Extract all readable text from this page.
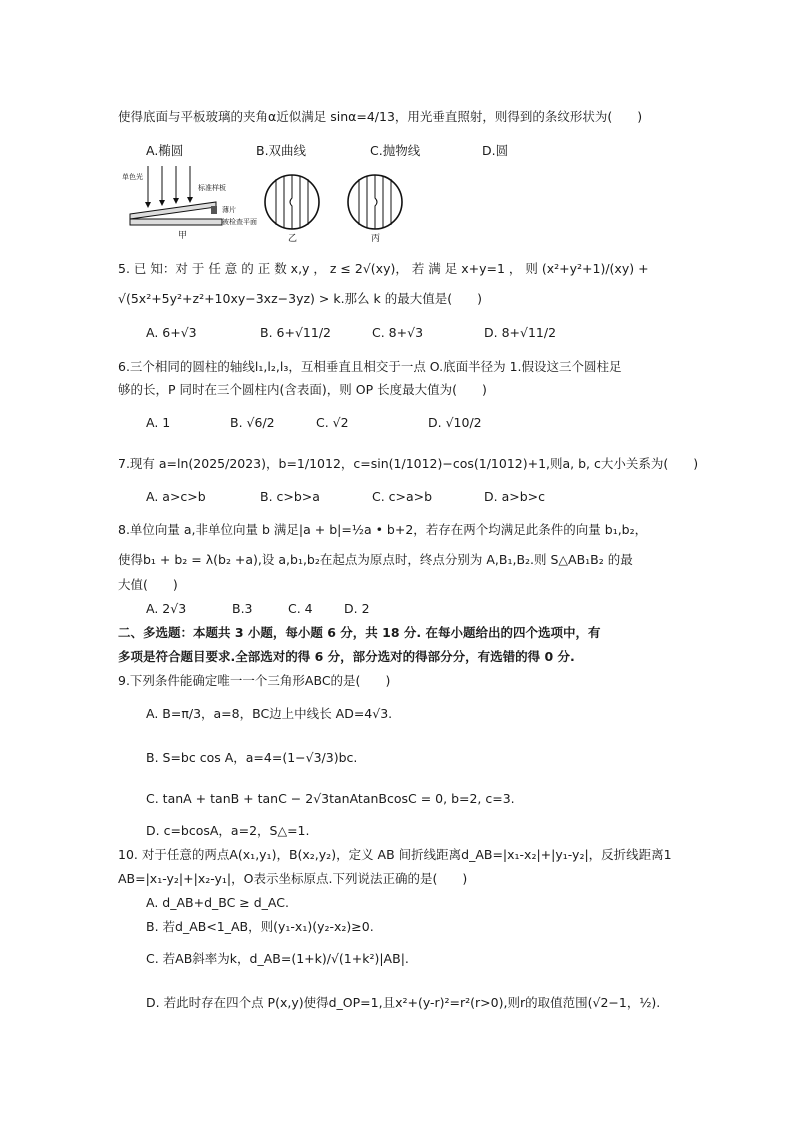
使得底面与平板玻璃的夹角α近似满足 sinα=4/13，用光垂直照射，则得到的条纹形状为(　　)
A.椭圆	B.双曲线	C.抛物线	D.圆
单色光
标准样板
薄片
被检查平面
甲	乙	丙
5. 已 知：对 于 任 意 的 正 数 x,y ， z ≤ 2√(xy)， 若 满 足 x+y=1 ， 则 (x²+y²+1)/(xy) +
√(5x²+5y²+z²+10xy−3xz−3yz) > k.那么 k 的最大值是(　　)
A. 6+√3	B. 6+√11/2	C. 8+√3	D. 8+√11/2
6.三个相同的圆柱的轴线l₁,l₂,l₃，互相垂直且相交于一点 O.底面半径为 1.假设这三个圆柱足
够的长，P 同时在三个圆柱内(含表面)，则 OP 长度最大值为(　　)
A. 1	B. √6/2	C. √2	D. √10/2
7.现有 a=ln(2025/2023)，b=1/1012，c=sin(1/1012)−cos(1/1012)+1,则a, b, c大小关系为(　　)
A. a>c>b	B. c>b>a	C. c>a>b	D. a>b>c
8.单位向量 a,非单位向量 b 满足|a + b|=½a • b+2，若存在两个均满足此条件的向量 b₁,b₂，
使得b₁ + b₂ = λ(b₂ +a),设 a,b₁,b₂在起点为原点时，终点分别为 A,B₁,B₂.则 S△AB₁B₂ 的最
大值(　　)
A. 2√3	B.3	C. 4	D. 2
二、多选题：本题共 3 小题，每小题 6 分，共 18 分. 在每小题给出的四个选项中，有
多项是符合题目要求.全部选对的得 6 分，部分选对的得部分分，有选错的得 0 分.
9.下列条件能确定唯一一个三角形ABC的是(　　)
A. B=π/3，a=8，BC边上中线长 AD=4√3.
B. S=bc cos A，a=4=(1−√3/3)bc.
C. tanA + tanB + tanC − 2√3tanAtanBcosC = 0, b=2, c=3.
D. c=bcosA，a=2，S△=1.
10. 对于任意的两点A(x₁,y₁)，B(x₂,y₂)，定义 AB 间折线距离d_AB=|x₁-x₂|+|y₁-y₂|，反折线距离1
AB=|x₁-y₂|+|x₂-y₁|，O表示坐标原点.下列说法正确的是(　　)
A. d_AB+d_BC ≥ d_AC.
B. 若d_AB<1_AB，则(y₁-x₁)(y₂-x₂)≥0.
C. 若AB斜率为k，d_AB=(1+k)/√(1+k²)|AB|.
D. 若此时存在四个点 P(x,y)使得d_OP=1,且x²+(y-r)²=r²(r>0),则r的取值范围(√2−1，½).
